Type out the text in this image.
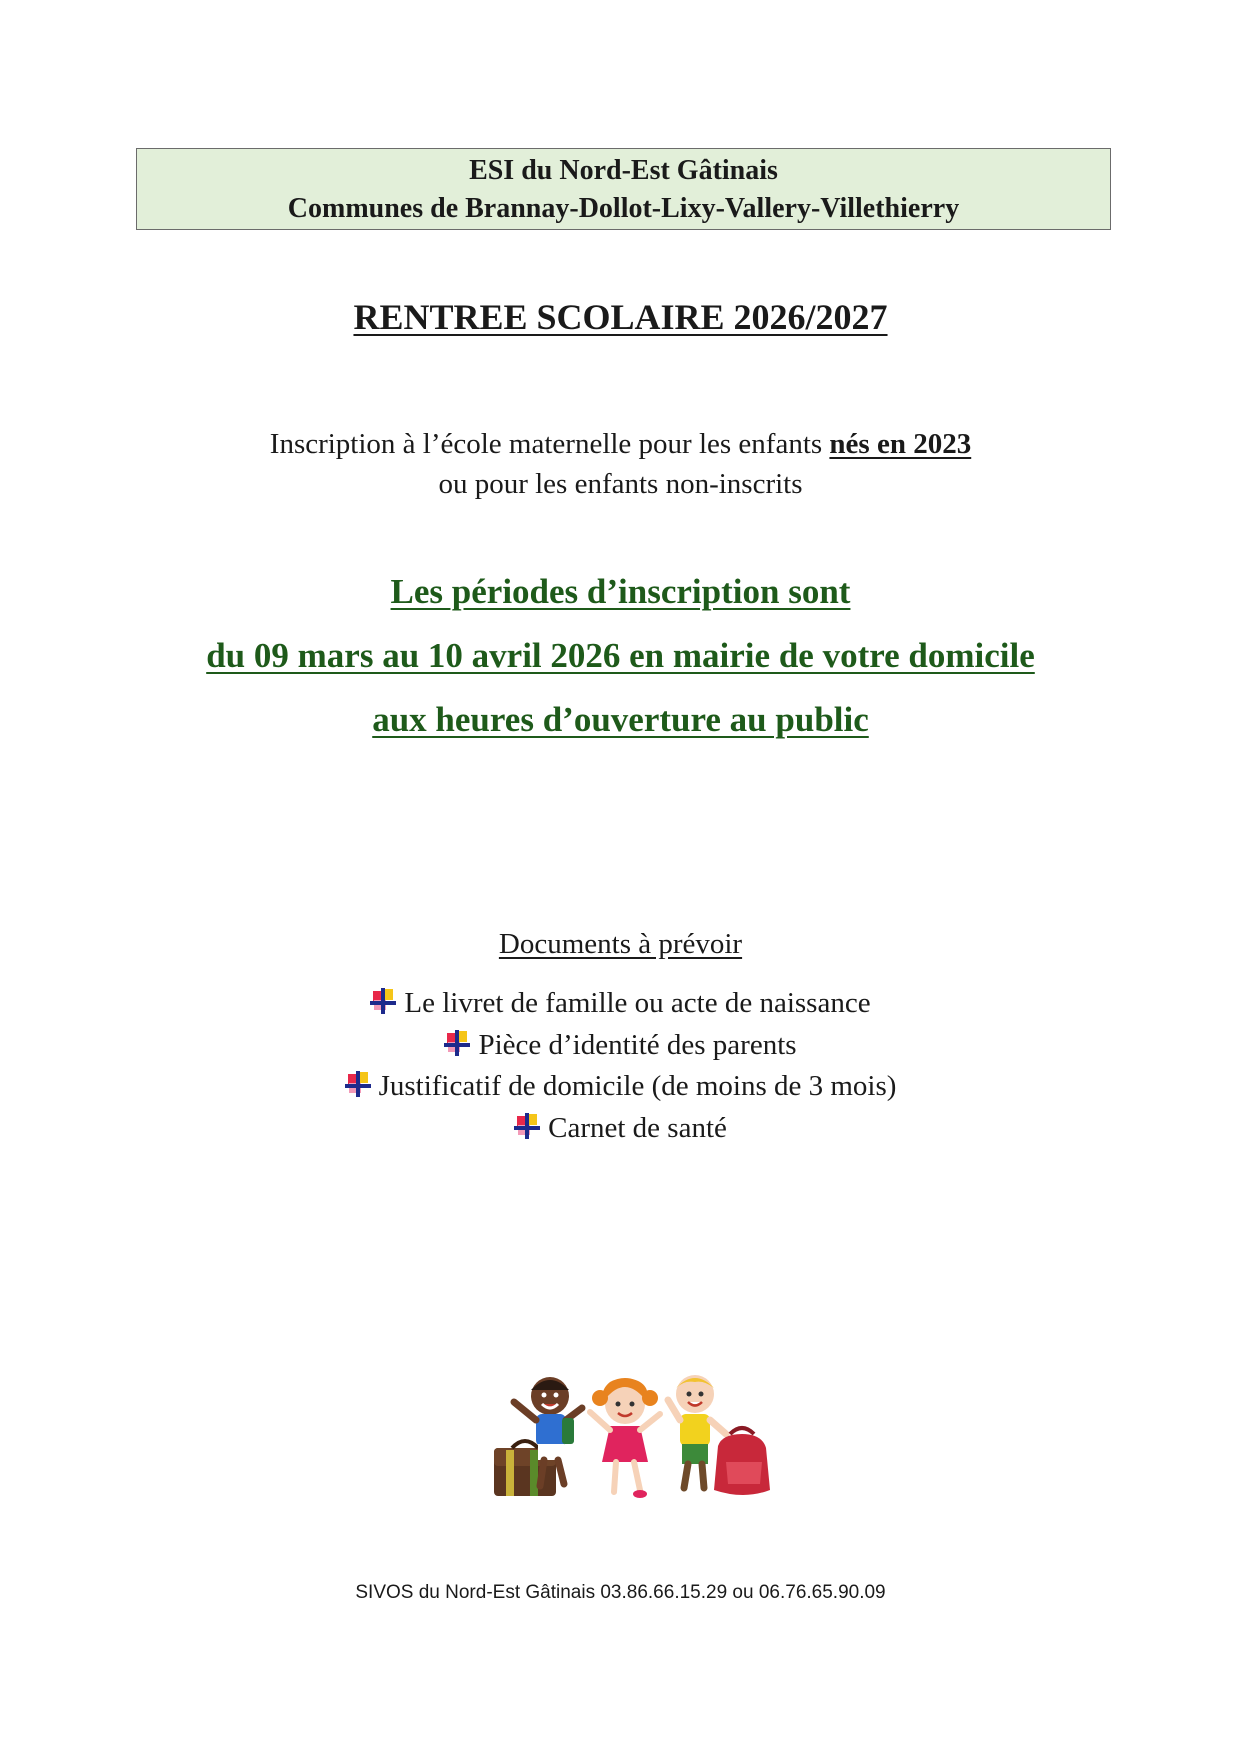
ESI du Nord-Est Gâtinais
Communes de Brannay-Dollot-Lixy-Vallery-Villethierry
RENTREE SCOLAIRE 2026/2027
Inscription à l’école maternelle pour les enfants nés en 2023
ou pour les enfants non-inscrits
Les périodes d’inscription sont
du 09 mars au 10 avril 2026 en mairie de votre domicile
aux heures d’ouverture au public
Documents à prévoir
Le livret de famille ou acte de naissance
Pièce d’identité des parents
Justificatif de domicile (de moins de 3 mois)
Carnet de santé
SIVOS du Nord-Est Gâtinais 03.86.66.15.29 ou 06.76.65.90.09
